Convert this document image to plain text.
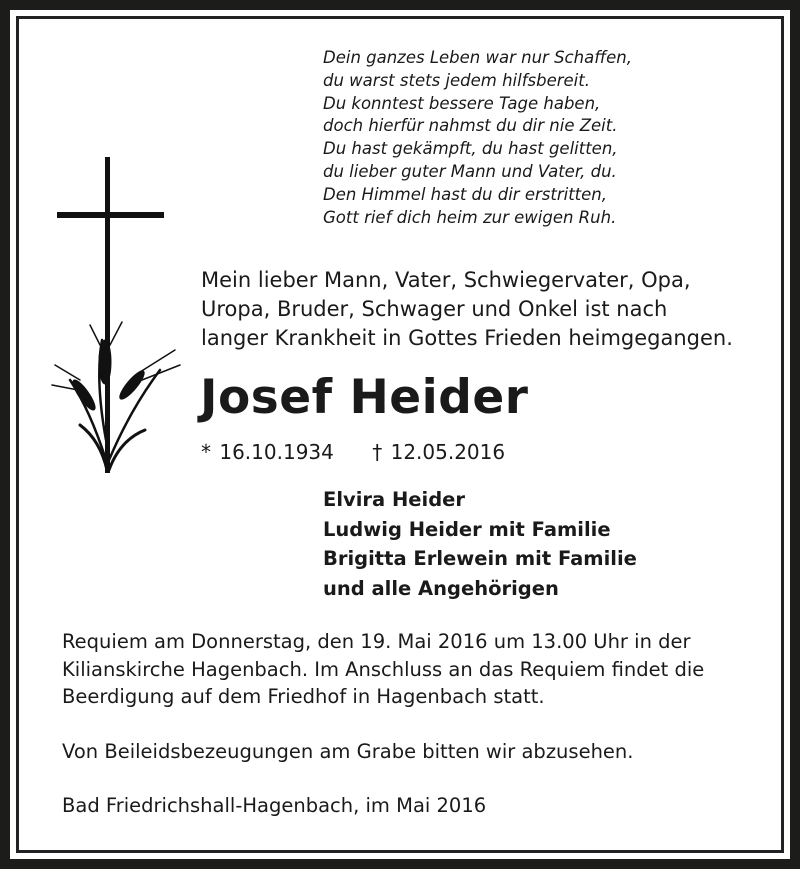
Dein ganzes Leben war nur Schaffen,
du warst stets jedem hilfsbereit.
Du konntest bessere Tage haben,
doch hierfür nahmst du dir nie Zeit.
Du hast gekämpft, du hast gelitten,
du lieber guter Mann und Vater, du.
Den Himmel hast du dir erstritten,
Gott rief dich heim zur ewigen Ruh.
Mein lieber Mann, Vater, Schwiegervater, Opa,
Uropa, Bruder, Schwager und Onkel ist nach
langer Krankheit in Gottes Frieden heimgegangen.
Josef Heider
* 16.10.1934 † 12.05.2016
Elvira Heider
Ludwig Heider mit Familie
Brigitta Erlewein mit Familie
und alle Angehörigen
Requiem am Donnerstag, den 19. Mai 2016 um 13.00 Uhr in der
Kilianskirche Hagenbach. Im Anschluss an das Requiem findet die
Beerdigung auf dem Friedhof in Hagenbach statt.
Von Beileidsbezeugungen am Grabe bitten wir abzusehen.
Bad Friedrichshall-Hagenbach, im Mai 2016
